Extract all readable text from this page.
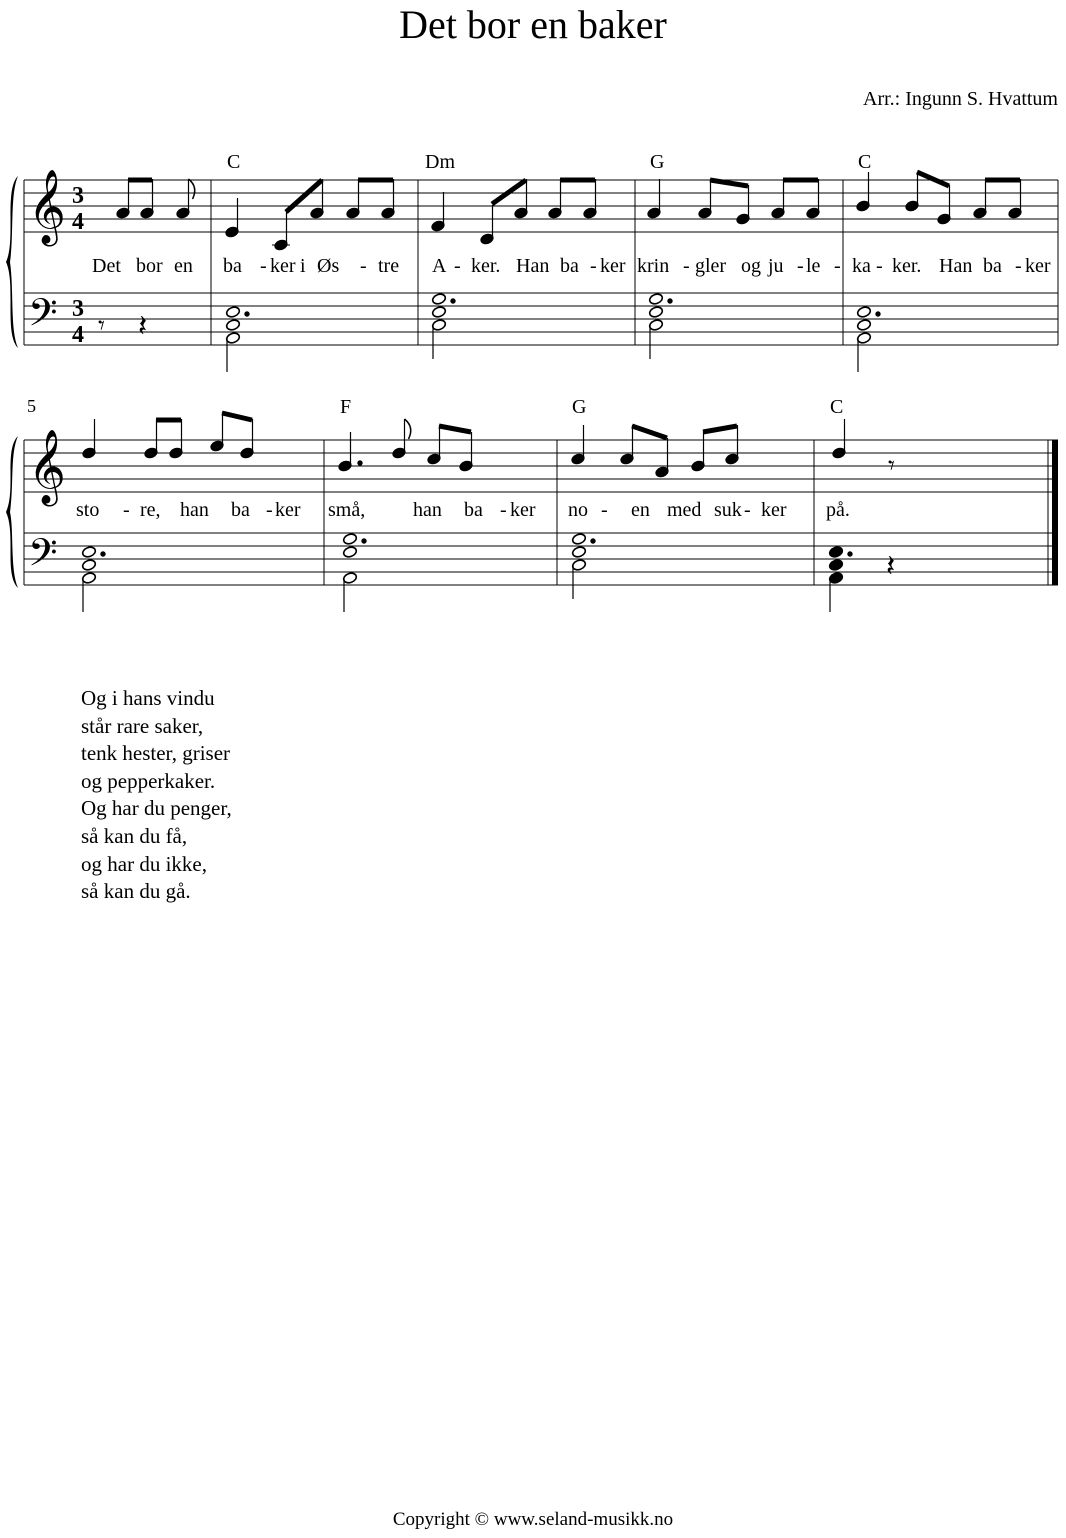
Det bor en baker
Arr.: Ingunn S. Hvattum
𝄞
𝄞
𝄢
𝄢
3
4
3
4 𝄾 𝄽
𝄾
𝄽
C	Dm	G	C
F	G	C
Det bor en ba - ker i Øs - tre A - ker. Han ba - ker krin - gler og ju - le - ka - ker. Han ba - ker
sto - re, han ba - ker små, han ba - ker no - en med suk - ker på.
5
Og i hans vindu
står rare saker,
tenk hester, griser
og pepperkaker.
Og har du penger,
så kan du få,
og har du ikke,
så kan du gå.
Copyright © www.seland-musikk.no
